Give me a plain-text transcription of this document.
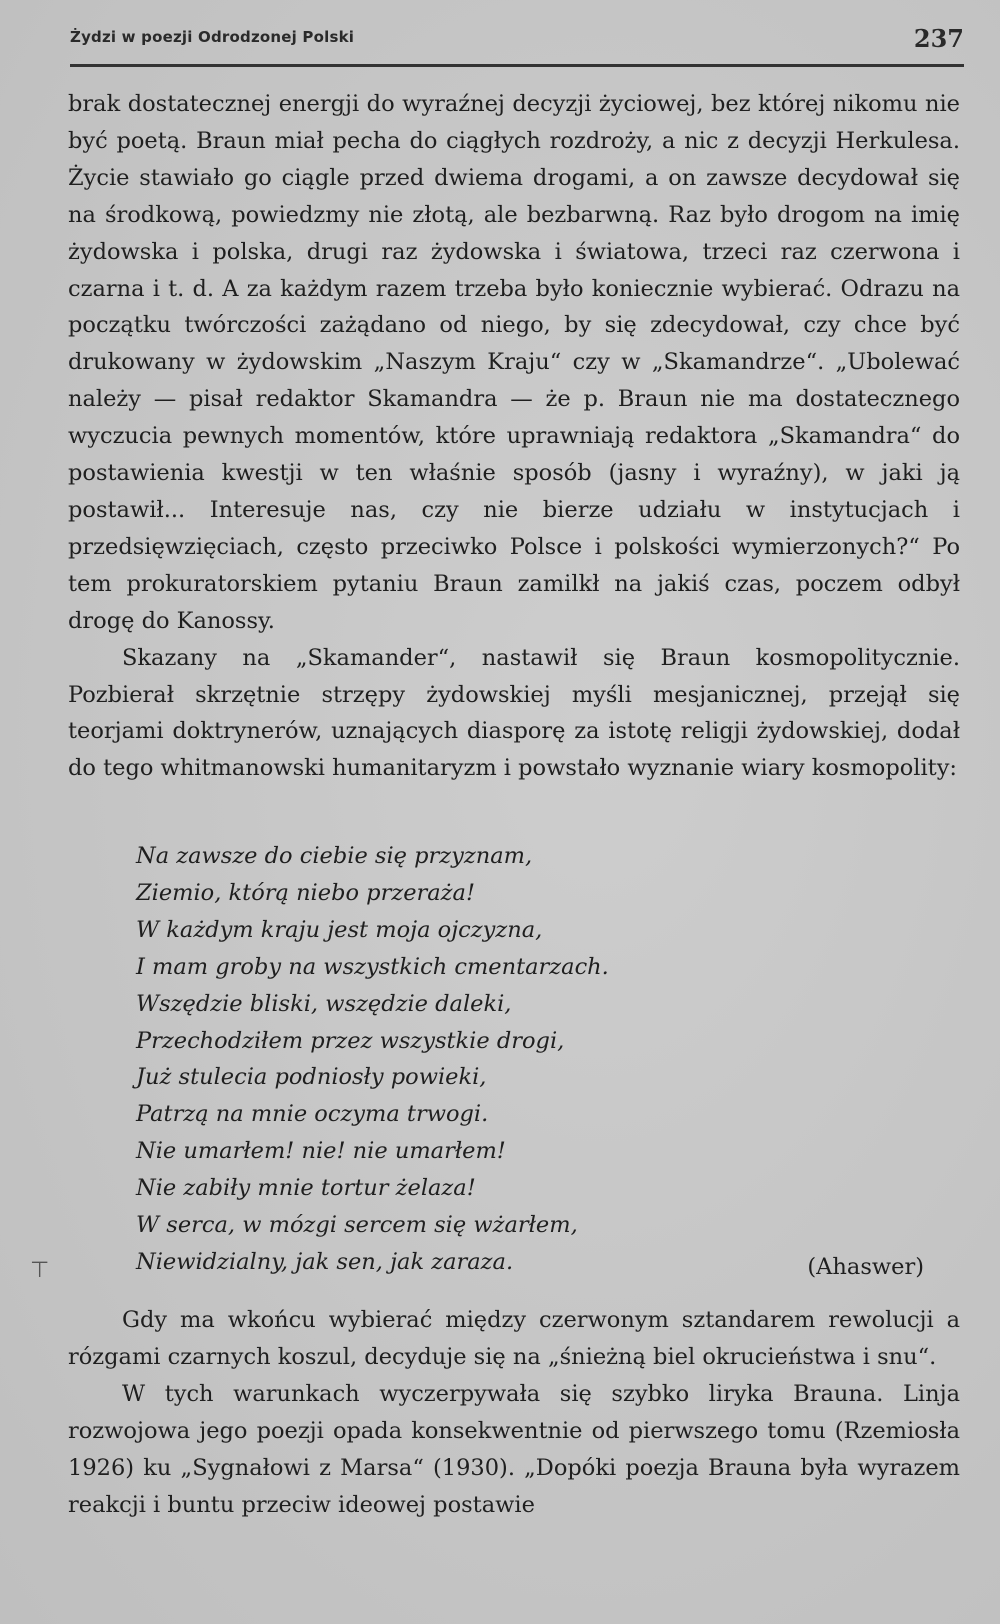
Żydzi w poezji Odrodzonej Polski	237

brak dostatecznej energji do wyraźnej decyzji życiowej, bez której nikomu nie być poetą. Braun miał pecha do ciągłych rozdroży, a nic z decyzji Herkulesa. Życie stawiało go ciągle przed dwiema drogami, a on zawsze decydował się na środkową, powiedzmy nie złotą, ale bezbarwną. Raz było drogom na imię żydowska i polska, drugi raz żydowska i światowa, trzeci raz czerwona i czarna i t. d. A za każdym razem trzeba było koniecznie wybierać. Odrazu na początku twórczości zażądano od niego, by się zdecydował, czy chce być drukowany w żydowskim „Naszym Kraju“ czy w „Skamandrze“. „Ubolewać należy — pisał redaktor Skamandra — że p. Braun nie ma dostatecznego wyczucia pewnych momentów, które uprawniają redaktora „Skamandra“ do postawienia kwestji w ten właśnie sposób (jasny i wyraźny), w jaki ją postawił... Interesuje nas, czy nie bierze udziału w instytucjach i przedsięwzięciach, często przeciwko Polsce i polskości wymierzonych?“ Po tem prokuratorskiem pytaniu Braun zamilkł na jakiś czas, poczem odbył drogę do Kanossy.

Skazany na „Skamander“, nastawił się Braun kosmopolitycznie. Pozbierał skrzętnie strzępy żydowskiej myśli mesjanicznej, przejął się teorjami doktrynerów, uznających diasporę za istotę religji żydowskiej, dodał do tego whitmanowski humanitaryzm i powstało wyznanie wiary kosmopolity:

Na zawsze do ciebie się przyznam,
Ziemio, którą niebo przeraża!
W każdym kraju jest moja ojczyzna,
I mam groby na wszystkich cmentarzach.
Wszędzie bliski, wszędzie daleki,
Przechodziłem przez wszystkie drogi,
Już stulecia podniosły powieki,
Patrzą na mnie oczyma trwogi.
Nie umarłem! nie! nie umarłem!
Nie zabiły mnie tortur żelaza!
W serca, w mózgi sercem się wżarłem,
Niewidzialny, jak sen, jak zaraza.
⊤	(Ahaswer)

Gdy ma wkońcu wybierać między czerwonym sztandarem rewolucji a rózgami czarnych koszul, decyduje się na „śnieżną biel okrucieństwa i snu“.

W tych warunkach wyczerpywała się szybko liryka Brauna. Linja rozwojowa jego poezji opada konsekwentnie od pierwszego tomu (Rzemiosła 1926) ku „Sygnałowi z Marsa“ (1930). „Dopóki poezja Brauna była wyrazem reakcji i buntu przeciw ideowej postawie
